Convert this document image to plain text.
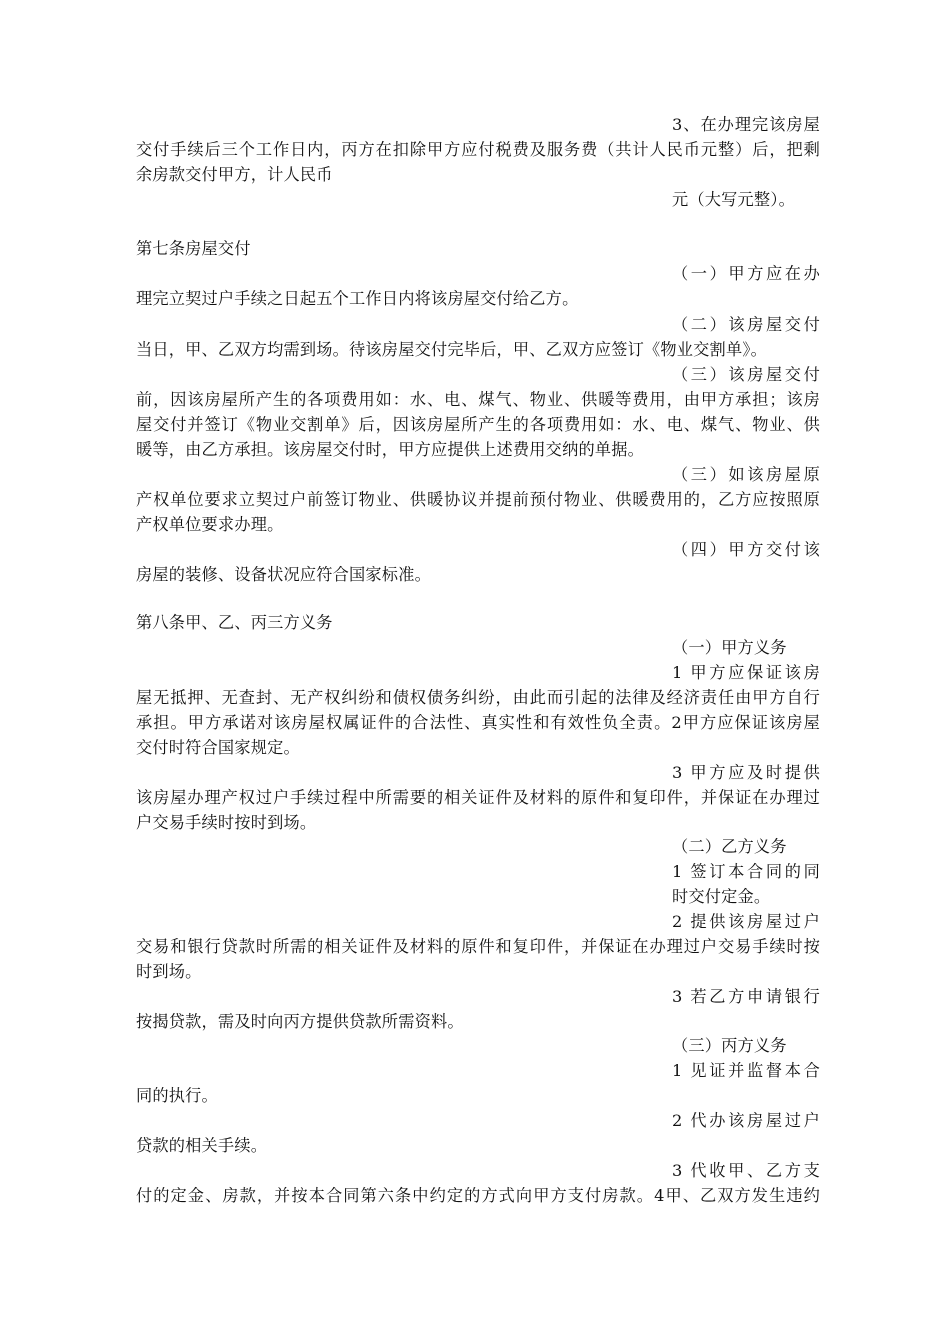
3、在办理完该房屋
交付手续后三个工作日内，丙方在扣除甲方应付税费及服务费（共计人民币元整）后，把剩
余房款交付甲方，计人民币
元（大写元整）。
第七条房屋交付
（一）甲方应在办
理完立契过户手续之日起五个工作日内将该房屋交付给乙方。
（二）该房屋交付
当日，甲、乙双方均需到场。待该房屋交付完毕后，甲、乙双方应签订《物业交割单》。
（三）该房屋交付
前，因该房屋所产生的各项费用如：水、电、煤气、物业、供暖等费用，由甲方承担；该房
屋交付并签订《物业交割单》后，因该房屋所产生的各项费用如：水、电、煤气、物业、供
暖等，由乙方承担。该房屋交付时，甲方应提供上述费用交纳的单据。
（三）如该房屋原
产权单位要求立契过户前签订物业、供暖协议并提前预付物业、供暖费用的，乙方应按照原
产权单位要求办理。
（四）甲方交付该
房屋的装修、设备状况应符合国家标准。
第八条甲、乙、丙三方义务
（一）甲方义务
1 甲方应保证该房
屋无抵押、无查封、无产权纠纷和债权债务纠纷，由此而引起的法律及经济责任由甲方自行
承担。甲方承诺对该房屋权属证件的合法性、真实性和有效性负全责。2甲方应保证该房屋
交付时符合国家规定。
3 甲方应及时提供
该房屋办理产权过户手续过程中所需要的相关证件及材料的原件和复印件，并保证在办理过
户交易手续时按时到场。
（二）乙方义务
1 签订本合同的同
时交付定金。
2 提供该房屋过户
交易和银行贷款时所需的相关证件及材料的原件和复印件，并保证在办理过户交易手续时按
时到场。
3 若乙方申请银行
按揭贷款，需及时向丙方提供贷款所需资料。
（三）丙方义务
1 见证并监督本合
同的执行。
2 代办该房屋过户
贷款的相关手续。
3 代收甲、乙方支
付的定金、房款，并按本合同第六条中约定的方式向甲方支付房款。4甲、乙双方发生违约
